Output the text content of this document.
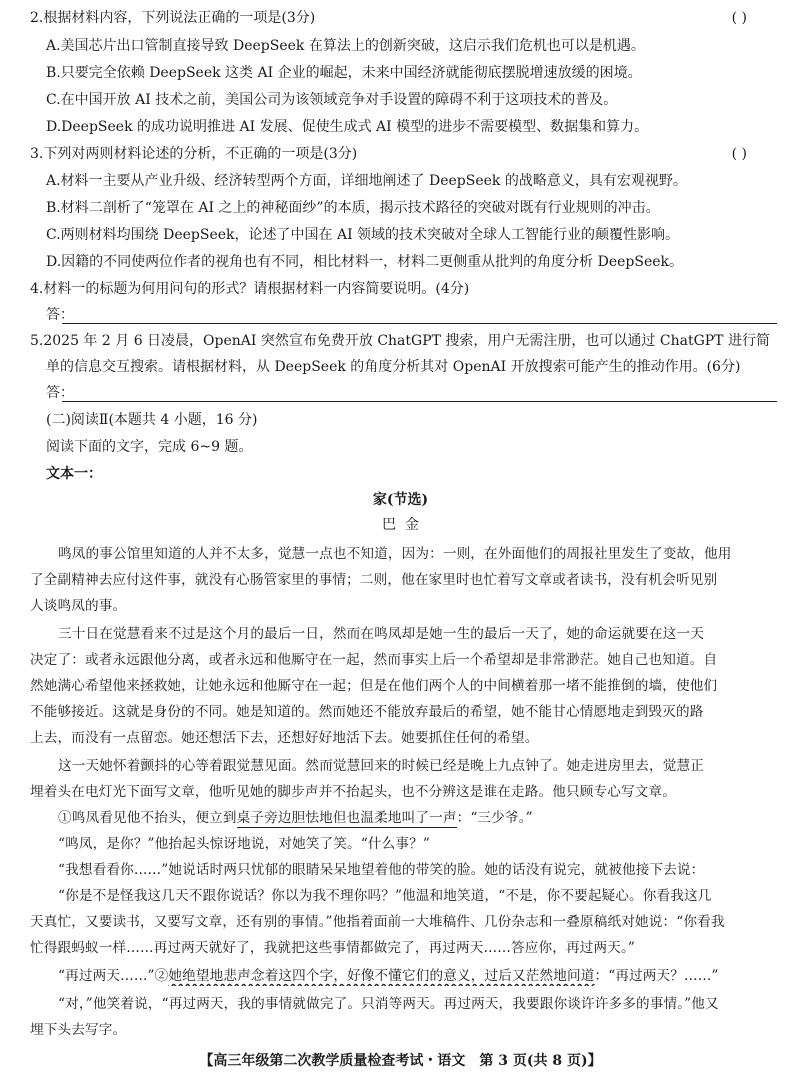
2.根据材料内容，下列说法正确的一项是(3分)	( )
A.美国芯片出口管制直接导致 DeepSeek 在算法上的创新突破，这启示我们危机也可以是机遇。
B.只要完全依赖 DeepSeek 这类 AI 企业的崛起，未来中国经济就能彻底摆脱增速放缓的困境。
C.在中国开放 AI 技术之前，美国公司为该领域竞争对手设置的障碍不利于这项技术的普及。
D.DeepSeek 的成功说明推进 AI 发展、促使生成式 AI 模型的进步不需要模型、数据集和算力。
3.下列对两则材料论述的分析，不正确的一项是(3分)	( )
A.材料一主要从产业升级、经济转型两个方面，详细地阐述了 DeepSeek 的战略意义，具有宏观视野。
B.材料二剖析了“笼罩在 AI 之上的神秘面纱”的本质，揭示技术路径的突破对既有行业规则的冲击。
C.两则材料均围绕 DeepSeek，论述了中国在 AI 领域的技术突破对全球人工智能行业的颠覆性影响。
D.因籍的不同使两位作者的视角也有不同，相比材料一，材料二更侧重从批判的角度分析 DeepSeek。
4.材料一的标题为何用问句的形式？请根据材料一内容简要说明。(4分)
答：
5.2025 年 2 月 6 日凌晨，OpenAI 突然宣布免费开放 ChatGPT 搜索，用户无需注册，也可以通过 ChatGPT 进行简
单的信息交互搜索。请根据材料，从 DeepSeek 的角度分析其对 OpenAI 开放搜索可能产生的推动作用。(6分)
答：
(二)阅读Ⅱ(本题共 4 小题，16 分)
阅读下面的文字，完成 6~9 题。
文本一：
家(节选)
巴  金
鸣凤的事公馆里知道的人并不太多，觉慧一点也不知道，因为：一则，在外面他们的周报社里发生了变故，他用
了全副精神去应付这件事，就没有心肠管家里的事情；二则，他在家里时也忙着写文章或者读书，没有机会听见别
人谈鸣凤的事。
三十日在觉慧看来不过是这个月的最后一日，然而在鸣凤却是她一生的最后一天了，她的命运就要在这一天
决定了：或者永远跟他分离，或者永远和他厮守在一起，然而事实上后一个希望却是非常渺茫。她自己也知道。自
然她满心希望他来拯救她，让她永远和他厮守在一起；但是在他们两个人的中间横着那一堵不能推倒的墙，使他们
不能够接近。这就是身份的不同。她是知道的。然而她还不能放弃最后的希望，她不能甘心情愿地走到毁灭的路
上去，而没有一点留恋。她还想活下去，还想好好地活下去。她要抓住任何的希望。
这一天她怀着颤抖的心等着跟觉慧见面。然而觉慧回来的时候已经是晚上九点钟了。她走进房里去，觉慧正
埋着头在电灯光下面写文章，他听见她的脚步声并不抬起头，也不分辨这是谁在走路。他只顾专心写文章。
①鸣凤看见他不抬头，便立到桌子旁边胆怯地但也温柔地叫了一声：“三少爷。”
“鸣凤，是你？”他抬起头惊讶地说，对她笑了笑。“什么事？”
“我想看看你……”她说话时两只忧郁的眼睛呆呆地望着他的带笑的脸。她的话没有说完，就被他接下去说：
“你是不是怪我这几天不跟你说话？你以为我不理你吗？”他温和地笑道，“不是，你不要起疑心。你看我这几
天真忙，又要读书，又要写文章，还有别的事情。”他指着面前一大堆稿件、几份杂志和一叠原稿纸对她说：“你看我
忙得跟蚂蚁一样……再过两天就好了，我就把这些事情都做完了，再过两天……答应你，再过两天。”
“再过两天……”②她绝望地悲声念着这四个字，好像不懂它们的意义，过后又茫然地问道：“再过两天？……”
“对，”他笑着说，“再过两天，我的事情就做完了。只消等两天。再过两天，我要跟你谈许许多多的事情。”他又
埋下头去写字。
【高三年级第二次教学质量检查考试・语文　第 3 页(共 8 页)】
